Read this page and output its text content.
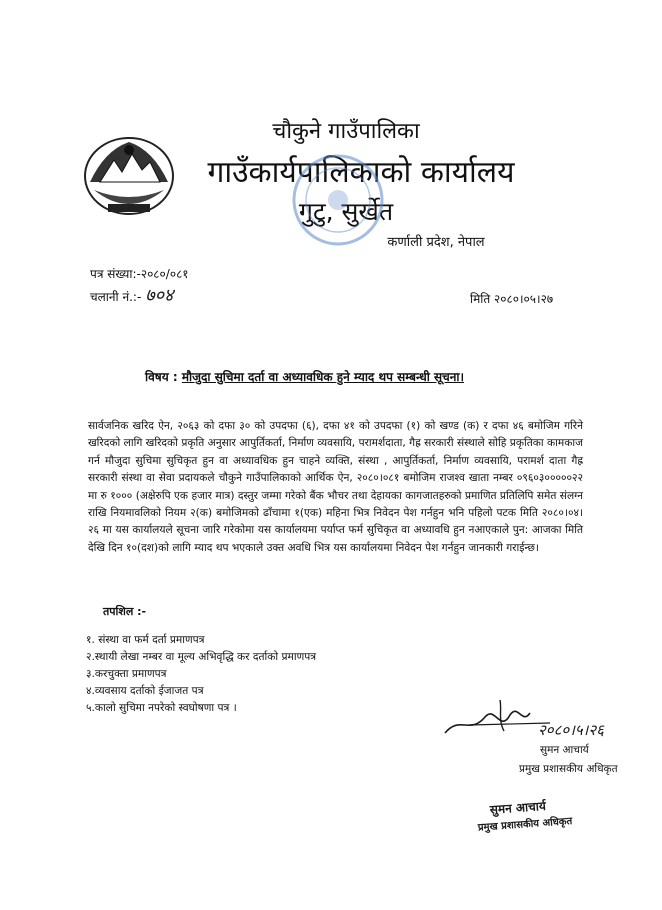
चौकुने गाउँपालिका
गाउँकार्यपालिकाको कार्यालय
गुटु, सुर्खेत
कर्णाली प्रदेश, नेपाल
पत्र संख्या:-२०८०/०८१
चलानी नं.:- ७०४	मिति २०८०।०५।२७
विषय : मौजुदा सुचिमा दर्ता वा अध्यावधिक हुने म्याद थप सम्बन्धी सूचना।
सार्वजनिक खरिद ऐन, २०६३ को दफा ३० को उपदफा (६), दफा ४१ को उपदफा (१) को खण्ड (क) र दफा ४६ बमोजिम गरिने खरिदको लागि खरिदको प्रकृति अनुसार आपुर्तिकर्ता, निर्माण व्यवसायि, परामर्शदाता, गैह्र सरकारी संस्थाले सोहि प्रकृतिका कामकाज गर्न मौजुदा सुचिमा सुचिकृत हुन वा अध्यावधिक हुन चाहने व्यक्ति, संस्था , आपुर्तिकर्ता, निर्माण व्यवसायि, परामर्श दाता गैह्र सरकारी संस्था वा सेवा प्रदायकले चौकुने गाउँपालिकाको आर्थिक ऐन, २०८०।०८१ बमोजिम राजश्व खाता नम्बर ०९६०३०००००२२ मा रु १००० (अक्षेरुपि एक हजार मात्र) दस्तुर जम्मा गरेको बैंक भौचर तथा देहायका कागजातहरुको प्रमाणित प्रतिलिपि समेत संलग्न राखि नियमावलिको नियम २(क) बमोजिमको ढाँचामा १(एक) महिना भित्र निवेदन पेश गर्नहुन भनि पहिलो पटक मिति २०८०।०४।२६ मा यस कार्यालयले सूचना जारि गरेकोमा यस कार्यालयमा पर्याप्त फर्म सुचिकृत वा अध्यावधि हुन नआएकाले पुन: आजका मिति देखि दिन १०(दश)को लागि म्याद थप भएकाले उक्त अवधि भित्र यस कार्यालयमा निवेदन पेश गर्नहुन जानकारी गराईन्छ।
तपशिल :-
१. संस्था वा फर्म दर्ता प्रमाणपत्र
२.स्थायी लेखा नम्बर वा मूल्य अभिवृद्धि कर दर्ताको प्रमाणपत्र
३.करचुक्ता प्रमाणपत्र
४.व्यवसाय दर्ताको ईजाजत पत्र
५.कालो सुचिमा नपरेको स्वघोषणा पत्र ।
२०८०।५।२६
सुमन आचार्य
प्रमुख प्रशासकीय अधिकृत
सुमन आचार्य
प्रमुख प्रशासकीय अधिकृत
